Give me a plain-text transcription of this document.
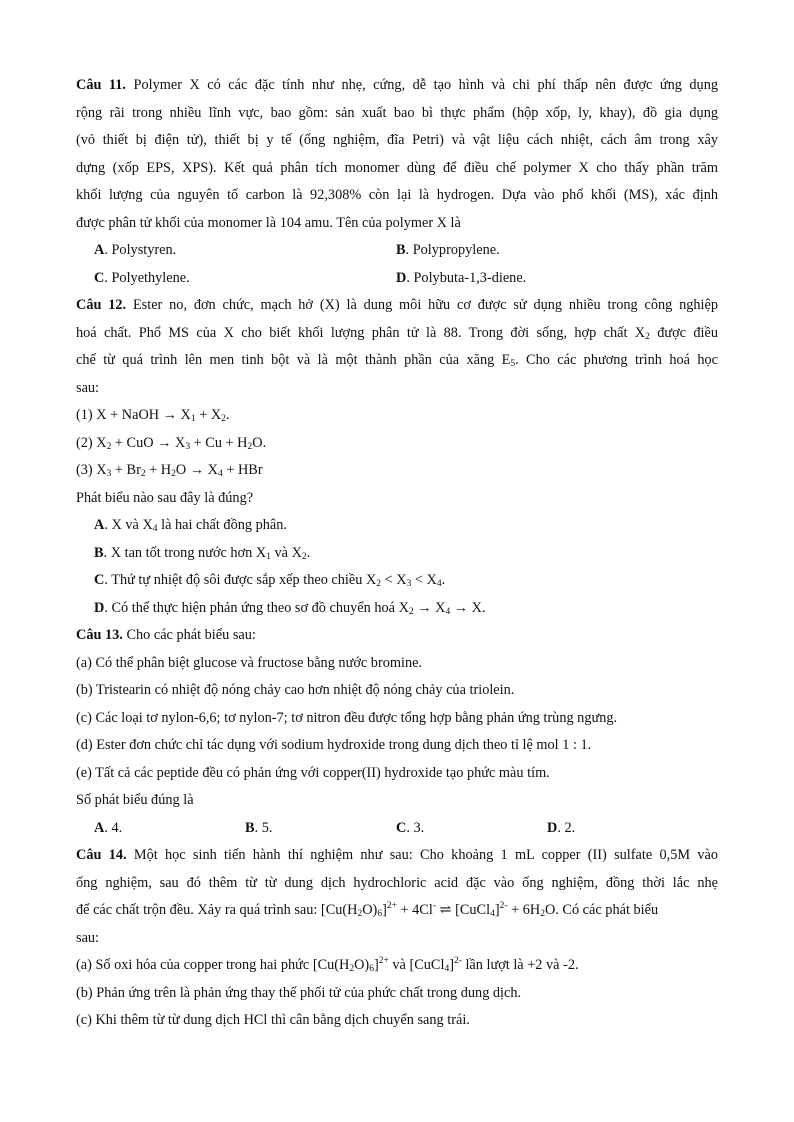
Câu 11. Polymer X có các đặc tính như nhẹ, cứng, dễ tạo hình và chi phí thấp nên được ứng dụng
rộng rãi trong nhiều lĩnh vực, bao gồm: sản xuất bao bì thực phẩm (hộp xốp, ly, khay), đồ gia dụng
(vỏ thiết bị điện tử), thiết bị y tế (ống nghiệm, đĩa Petri) và vật liệu cách nhiệt, cách âm trong xây
dựng (xốp EPS, XPS). Kết quả phân tích monomer dùng để điều chế polymer X cho thấy phần trăm
khối lượng của nguyên tố carbon là 92,308% còn lại là hydrogen. Dựa vào phổ khối (MS), xác định
được phân tử khối của monomer là 104 amu. Tên của polymer X là
A. Polystyren.	B. Polypropylene.
C. Polyethylene.	D. Polybuta-1,3-diene.
Câu 12. Ester no, đơn chức, mạch hở (X) là dung môi hữu cơ được sử dụng nhiều trong công nghiệp
hoá chất. Phổ MS của X cho biết khối lượng phân tử là 88. Trong đời sống, hợp chất $X_2$ được điều
chế từ quá trình lên men tinh bột và là một thành phần của xăng $E_5$. Cho các phương trình hoá học
sau:
(1) X + NaOH → $X_1 + X_2$.
(2) $X_2$ + CuO → $X_3 + Cu + H_2O$.
(3) $X_3 + Br_2 + H_2O \to X_4$ + HBr
Phát biểu nào sau đây là đúng?
A. X và $X_4$ là hai chất đồng phân.
B. X tan tốt trong nước hơn $X_1$ và $X_2$.
C. Thứ tự nhiệt độ sôi được sắp xếp theo chiều $X_2 < X_3 < X_4$.
D. Có thể thực hiện phản ứng theo sơ đồ chuyển hoá $X_2 \to X_4 \to X$.
Câu 13. Cho các phát biểu sau:
(a) Có thể phân biệt glucose và fructose bằng nước bromine.
(b) Tristearin có nhiệt độ nóng chảy cao hơn nhiệt độ nóng chảy của triolein.
(c) Các loại tơ nylon-6,6; tơ nylon-7; tơ nitron đều được tổng hợp bằng phản ứng trùng ngưng.
(d) Ester đơn chức chỉ tác dụng với sodium hydroxide trong dung dịch theo tỉ lệ mol 1 : 1.
(e) Tất cả các peptide đều có phản ứng với copper(II) hydroxide tạo phức màu tím.
Số phát biểu đúng là
A. 4.	B. 5.	C. 3.	D. 2.
Câu 14. Một học sinh tiến hành thí nghiệm như sau: Cho khoảng 1 mL copper (II) sulfate 0,5M vào
ống nghiệm, sau đó thêm từ từ dung dịch hydrochloric acid đặc vào ống nghiệm, đồng thời lắc nhẹ
để các chất trộn đều. Xảy ra quá trình sau: $[Cu(H_2O)_6]^{2+} + 4Cl^-$ ⇌ [CuCl$_4$]$^{2-}$ + $6H_2O$. Có các phát biểu
sau:
(a) Số oxi hóa của copper trong hai phức $[Cu(H_2O)_6]^{2+}$ và [CuCl$_4$]$^{2-}$ lần lượt là +2 và -2.
(b) Phản ứng trên là phản ứng thay thế phối tử của phức chất trong dung dịch.
(c) Khi thêm từ từ dung dịch HCl thì cân bằng dịch chuyển sang trái.
